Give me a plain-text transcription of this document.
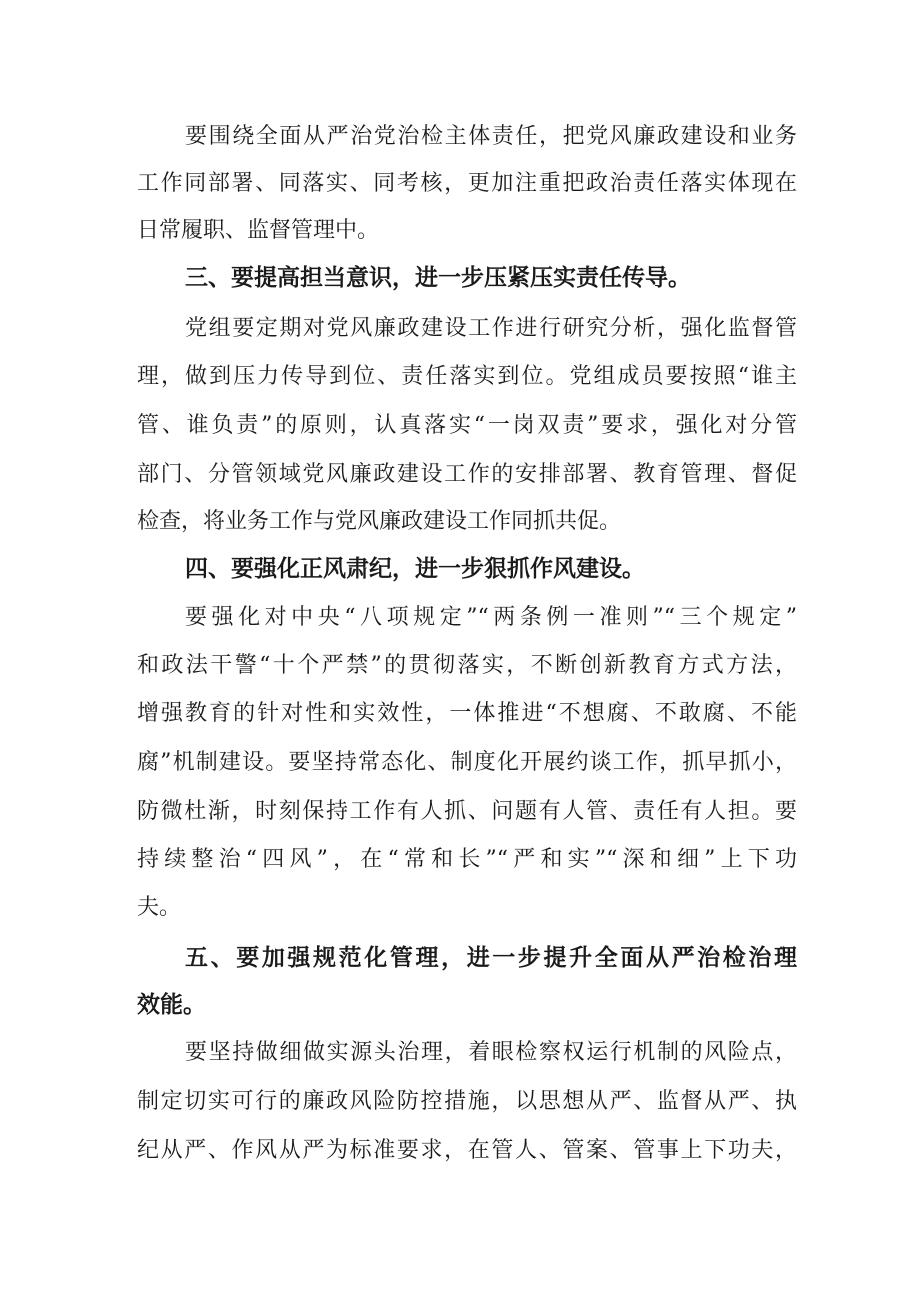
要围绕全面从严治党治检主体责任，把党风廉政建设和业务
工作同部署、同落实、同考核，更加注重把政治责任落实体现在
日常履职、监督管理中。
三、要提高担当意识，进一步压紧压实责任传导。
党组要定期对党风廉政建设工作进行研究分析，强化监督管
理，做到压力传导到位、责任落实到位。党组成员要按照“谁主
管、谁负责”的原则，认真落实“一岗双责”要求，强化对分管
部门、分管领域党风廉政建设工作的安排部署、教育管理、督促
检查，将业务工作与党风廉政建设工作同抓共促。
四、要强化正风肃纪，进一步狠抓作风建设。
要强化对中央“八项规定”“两条例一准则”“三个规定”
和政法干警“十个严禁”的贯彻落实，不断创新教育方式方法，
增强教育的针对性和实效性，一体推进“不想腐、不敢腐、不能
腐”机制建设。要坚持常态化、制度化开展约谈工作，抓早抓小，
防微杜渐，时刻保持工作有人抓、问题有人管、责任有人担。要
持续整治“四风”，在“常和长”“严和实”“深和细”上下功
夫。
五、要加强规范化管理，进一步提升全面从严治检治理
效能。
要坚持做细做实源头治理，着眼检察权运行机制的风险点，
制定切实可行的廉政风险防控措施，以思想从严、监督从严、执
纪从严、作风从严为标准要求，在管人、管案、管事上下功夫，
